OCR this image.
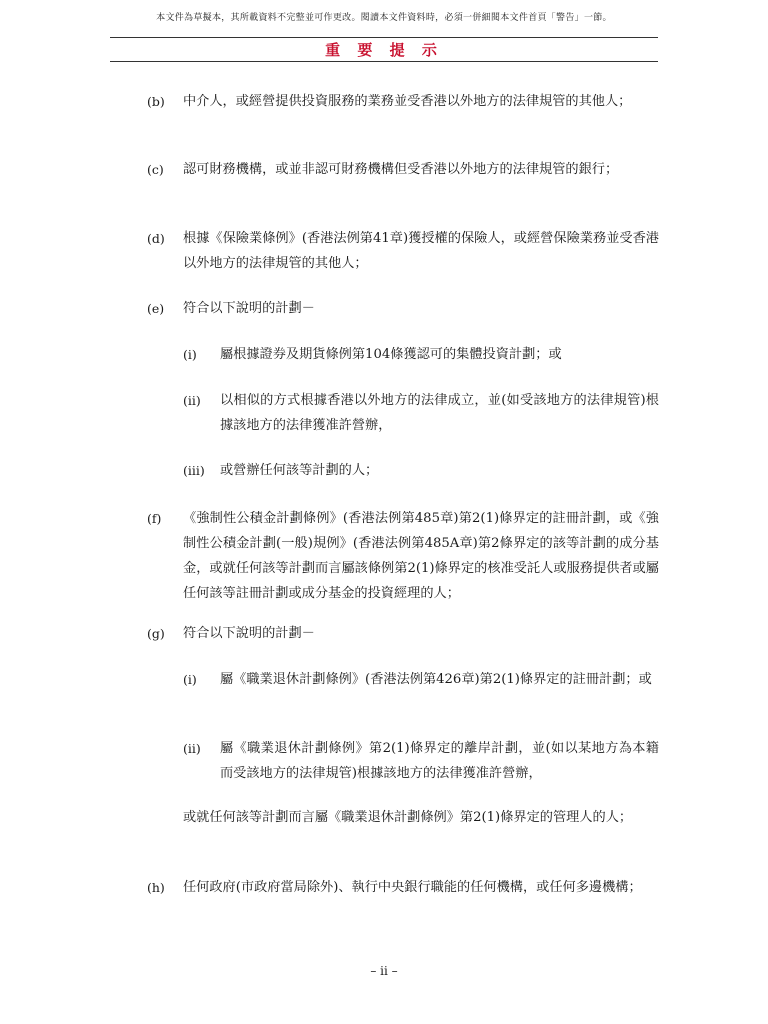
本文件為草擬本，其所載資料不完整並可作更改。閱讀本文件資料時，必須一併細閱本文件首頁「警告」一節。
重 要 提 示
(b) 中介人，或經營提供投資服務的業務並受香港以外地方的法律規管的其他人；
(c) 認可財務機構，或並非認可財務機構但受香港以外地方的法律規管的銀行；
(d) 根據《保險業條例》(香港法例第41章)獲授權的保險人，或經營保險業務並受香港以外地方的法律規管的其他人；
(e) 符合以下說明的計劃－
(i) 屬根據證券及期貨條例第104條獲認可的集體投資計劃；或
(ii) 以相似的方式根據香港以外地方的法律成立，並(如受該地方的法律規管)根據該地方的法律獲准許營辦，
(iii) 或營辦任何該等計劃的人；
(f) 《強制性公積金計劃條例》(香港法例第485章)第2(1)條界定的註冊計劃，或《強制性公積金計劃(一般)規例》(香港法例第485A章)第2條界定的該等計劃的成分基金，或就任何該等計劃而言屬該條例第2(1)條界定的核准受託人或服務提供者或屬任何該等註冊計劃或成分基金的投資經理的人；
(g) 符合以下說明的計劃－
(i) 屬《職業退休計劃條例》(香港法例第426章)第2(1)條界定的註冊計劃；或
(ii) 屬《職業退休計劃條例》第2(1)條界定的離岸計劃，並(如以某地方為本籍而受該地方的法律規管)根據該地方的法律獲准許營辦，
或就任何該等計劃而言屬《職業退休計劃條例》第2(1)條界定的管理人的人；
(h) 任何政府(市政府當局除外)、執行中央銀行職能的任何機構，或任何多邊機構；
– ii –
